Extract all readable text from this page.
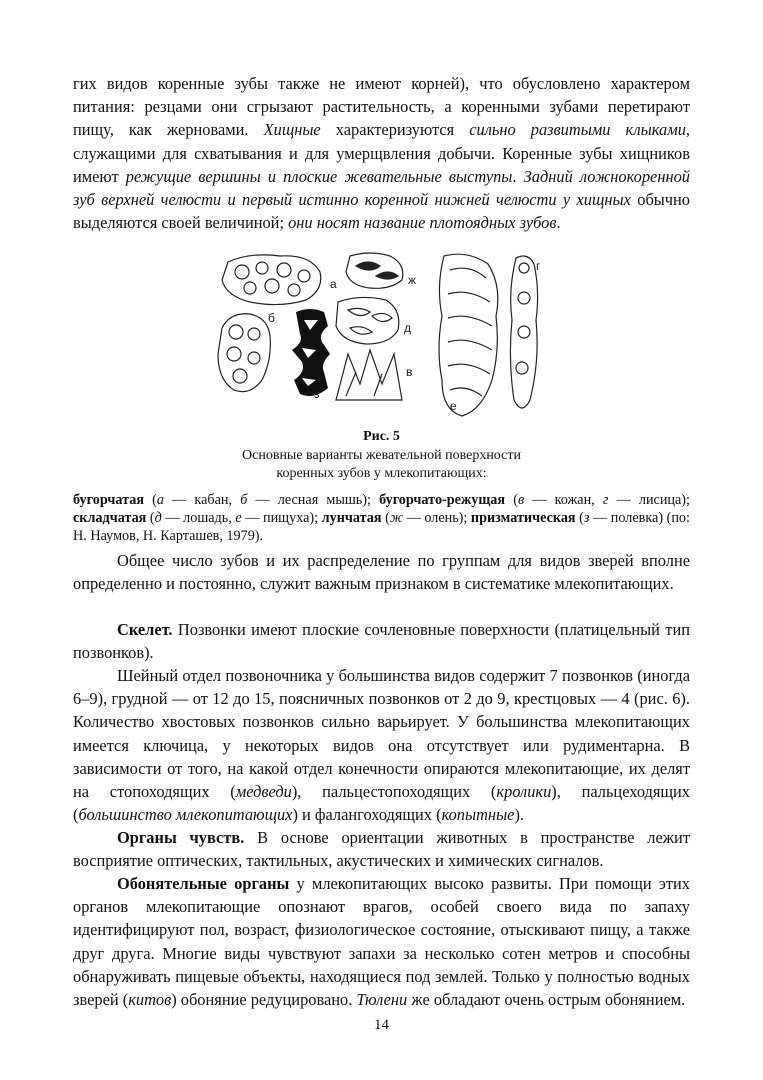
гих видов коренные зубы также не имеют корней), что обусловлено характером питания: резцами они сгрызают растительность, а коренными зубами перетирают пищу, как жерновами. Хищные характеризуются сильно развитыми клыками, служащими для схватывания и для умерщвления добычи. Коренные зубы хищников имеют режущие вершины и плоские жевательные выступы. Задний ложнокоренной зуб верхней челюсти и первый истинно коренной нижней челюсти у хищных обычно выделяются своей величиной; они носят название плотоядных зубов.

а
б
в
г
д
е
ж
з

Рис. 5

Основные варианты жевательной поверхности

коренных зубов у млекопитающих:

бугорчатая (а — кабан, б — лесная мышь); бугорчато-режущая (в — кожан, г — лисица); складчатая (д — лошадь, е — пищуха); лунчатая (ж — олень); призматическая (з — полевка) (по: Н. Наумов, Н. Карташев, 1979).

Общее число зубов и их распределение по группам для видов зверей вполне определенно и постоянно, служит важным признаком в систематике млекопитающих.

Скелет. Позвонки имеют плоские сочленовные поверхности (платицельный тип позвонков).

Шейный отдел позвоночника у большинства видов содержит 7 позвонков (иногда 6–9), грудной — от 12 до 15, поясничных позвонков от 2 до 9, крестцовых — 4 (рис. 6). Количество хвостовых позвонков сильно варьирует. У большинства млекопитающих имеется ключица, у некоторых видов она отсутствует или рудиментарна. В зависимости от того, на какой отдел конечности опираются млекопитающие, их делят на стопоходящих (медведи), пальцестопоходящих (кролики), пальцеходящих (большинство млекопитающих) и фалангоходящих (копытные).

Органы чувств. В основе ориентации животных в пространстве лежит восприятие оптических, тактильных, акустических и химических сигналов.

Обонятельные органы у млекопитающих высоко развиты. При помощи этих органов млекопитающие опознают врагов, особей своего вида по запаху идентифицируют пол, возраст, физиологическое состояние, отыскивают пищу, а также друг друга. Многие виды чувствуют запахи за несколько сотен метров и способны обнаруживать пищевые объекты, находящиеся под землей. Только у полностью водных зверей (китов) обоняние редуцировано. Тюлени же обладают очень острым обонянием.

14
